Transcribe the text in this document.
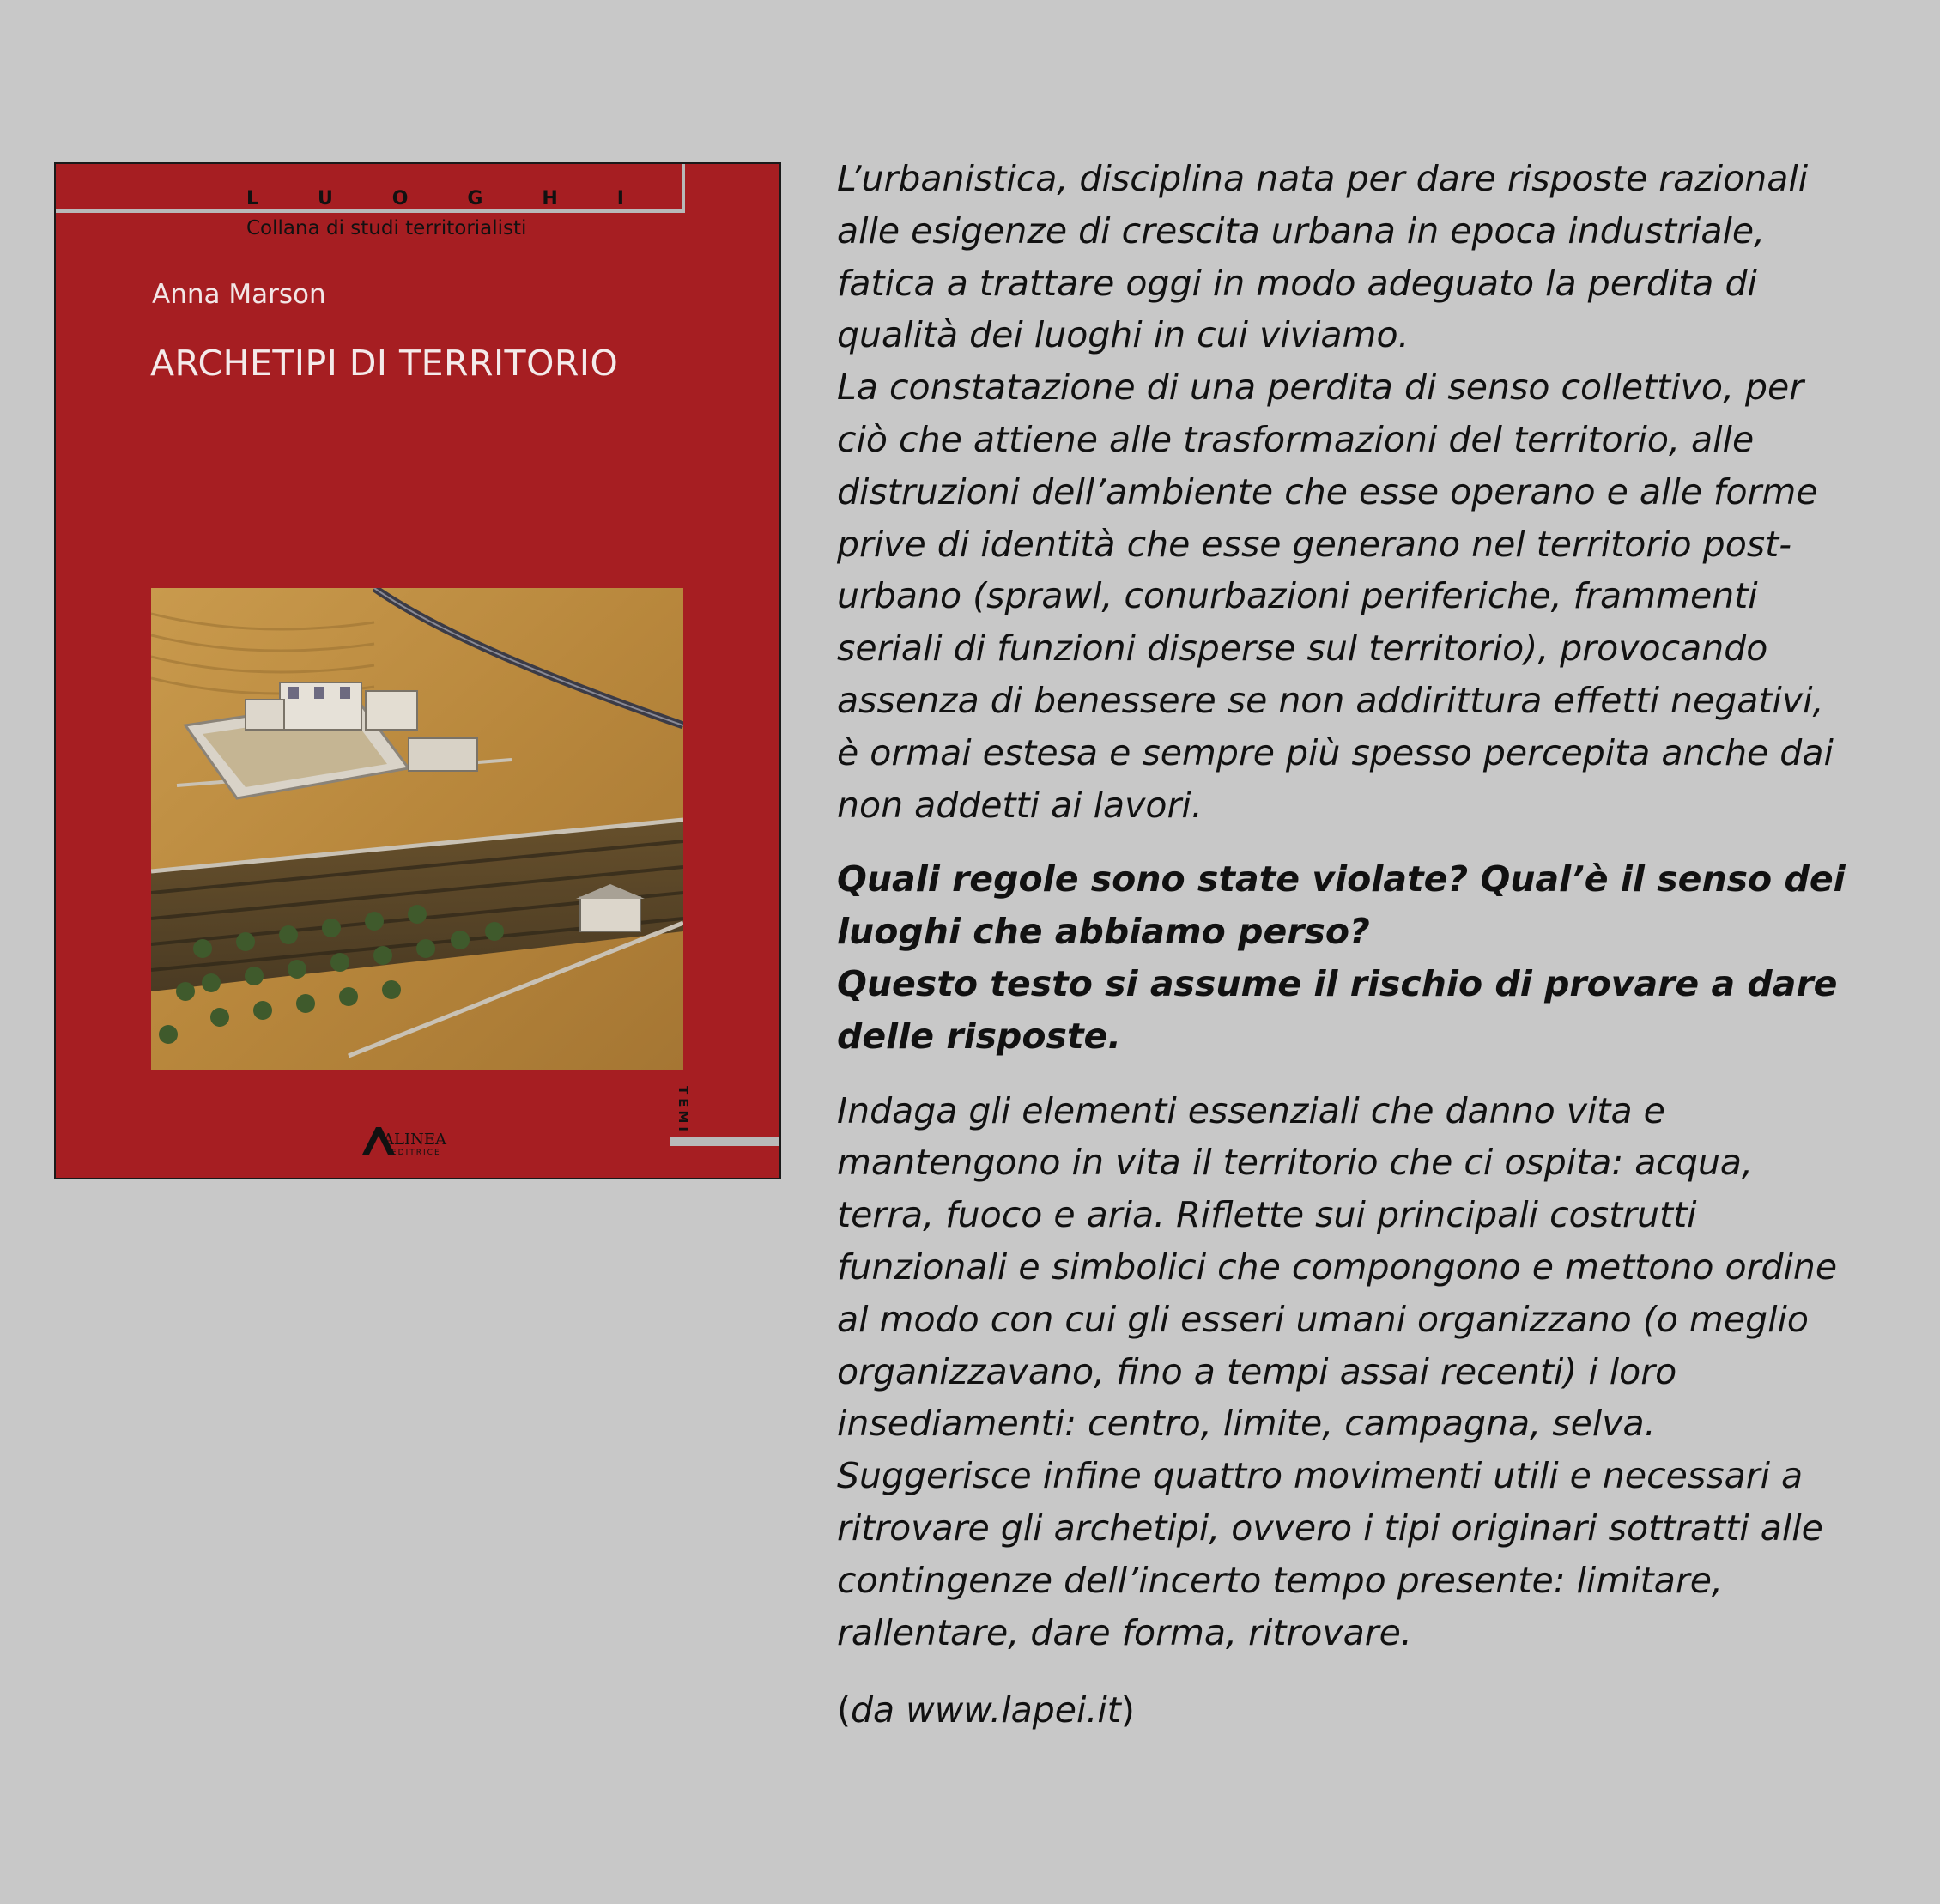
L	U	O	G	H	I
Collana di studi territorialisti
Anna Marson
ARCHETIPI DI TERRITORIO
ALINEA
EDITRICE
TEMI

L’urbanistica, disciplina nata per dare risposte razionali
alle esigenze di crescita urbana in epoca industriale,
fatica a trattare oggi in modo adeguato la perdita di
qualità dei luoghi in cui viviamo.
La constatazione di una perdita di senso collettivo, per
ciò che attiene alle trasformazioni del territorio, alle
distruzioni dell’ambiente che esse operano e alle forme
prive di identità che esse generano nel territorio post-
urbano (sprawl, conurbazioni periferiche, frammenti
seriali di funzioni disperse sul territorio), provocando
assenza di benessere se non addirittura effetti negativi,
è ormai estesa e sempre più spesso percepita anche dai
non addetti ai lavori.

Quali regole sono state violate? Qual’è il senso dei
luoghi che abbiamo perso?
Questo testo si assume il rischio di provare a dare
delle risposte.

Indaga gli elementi essenziali che danno vita e
mantengono in vita il territorio che ci ospita: acqua,
terra, fuoco e aria. Riflette sui principali costrutti
funzionali e simbolici che compongono e mettono ordine
al modo con cui gli esseri umani organizzano (o meglio
organizzavano, fino a tempi assai recenti) i loro
insediamenti: centro, limite, campagna, selva.
Suggerisce infine quattro movimenti utili e necessari a
ritrovare gli archetipi, ovvero i tipi originari sottratti alle
contingenze dell’incerto tempo presente: limitare,
rallentare, dare forma, ritrovare.

(da www.lapei.it)
